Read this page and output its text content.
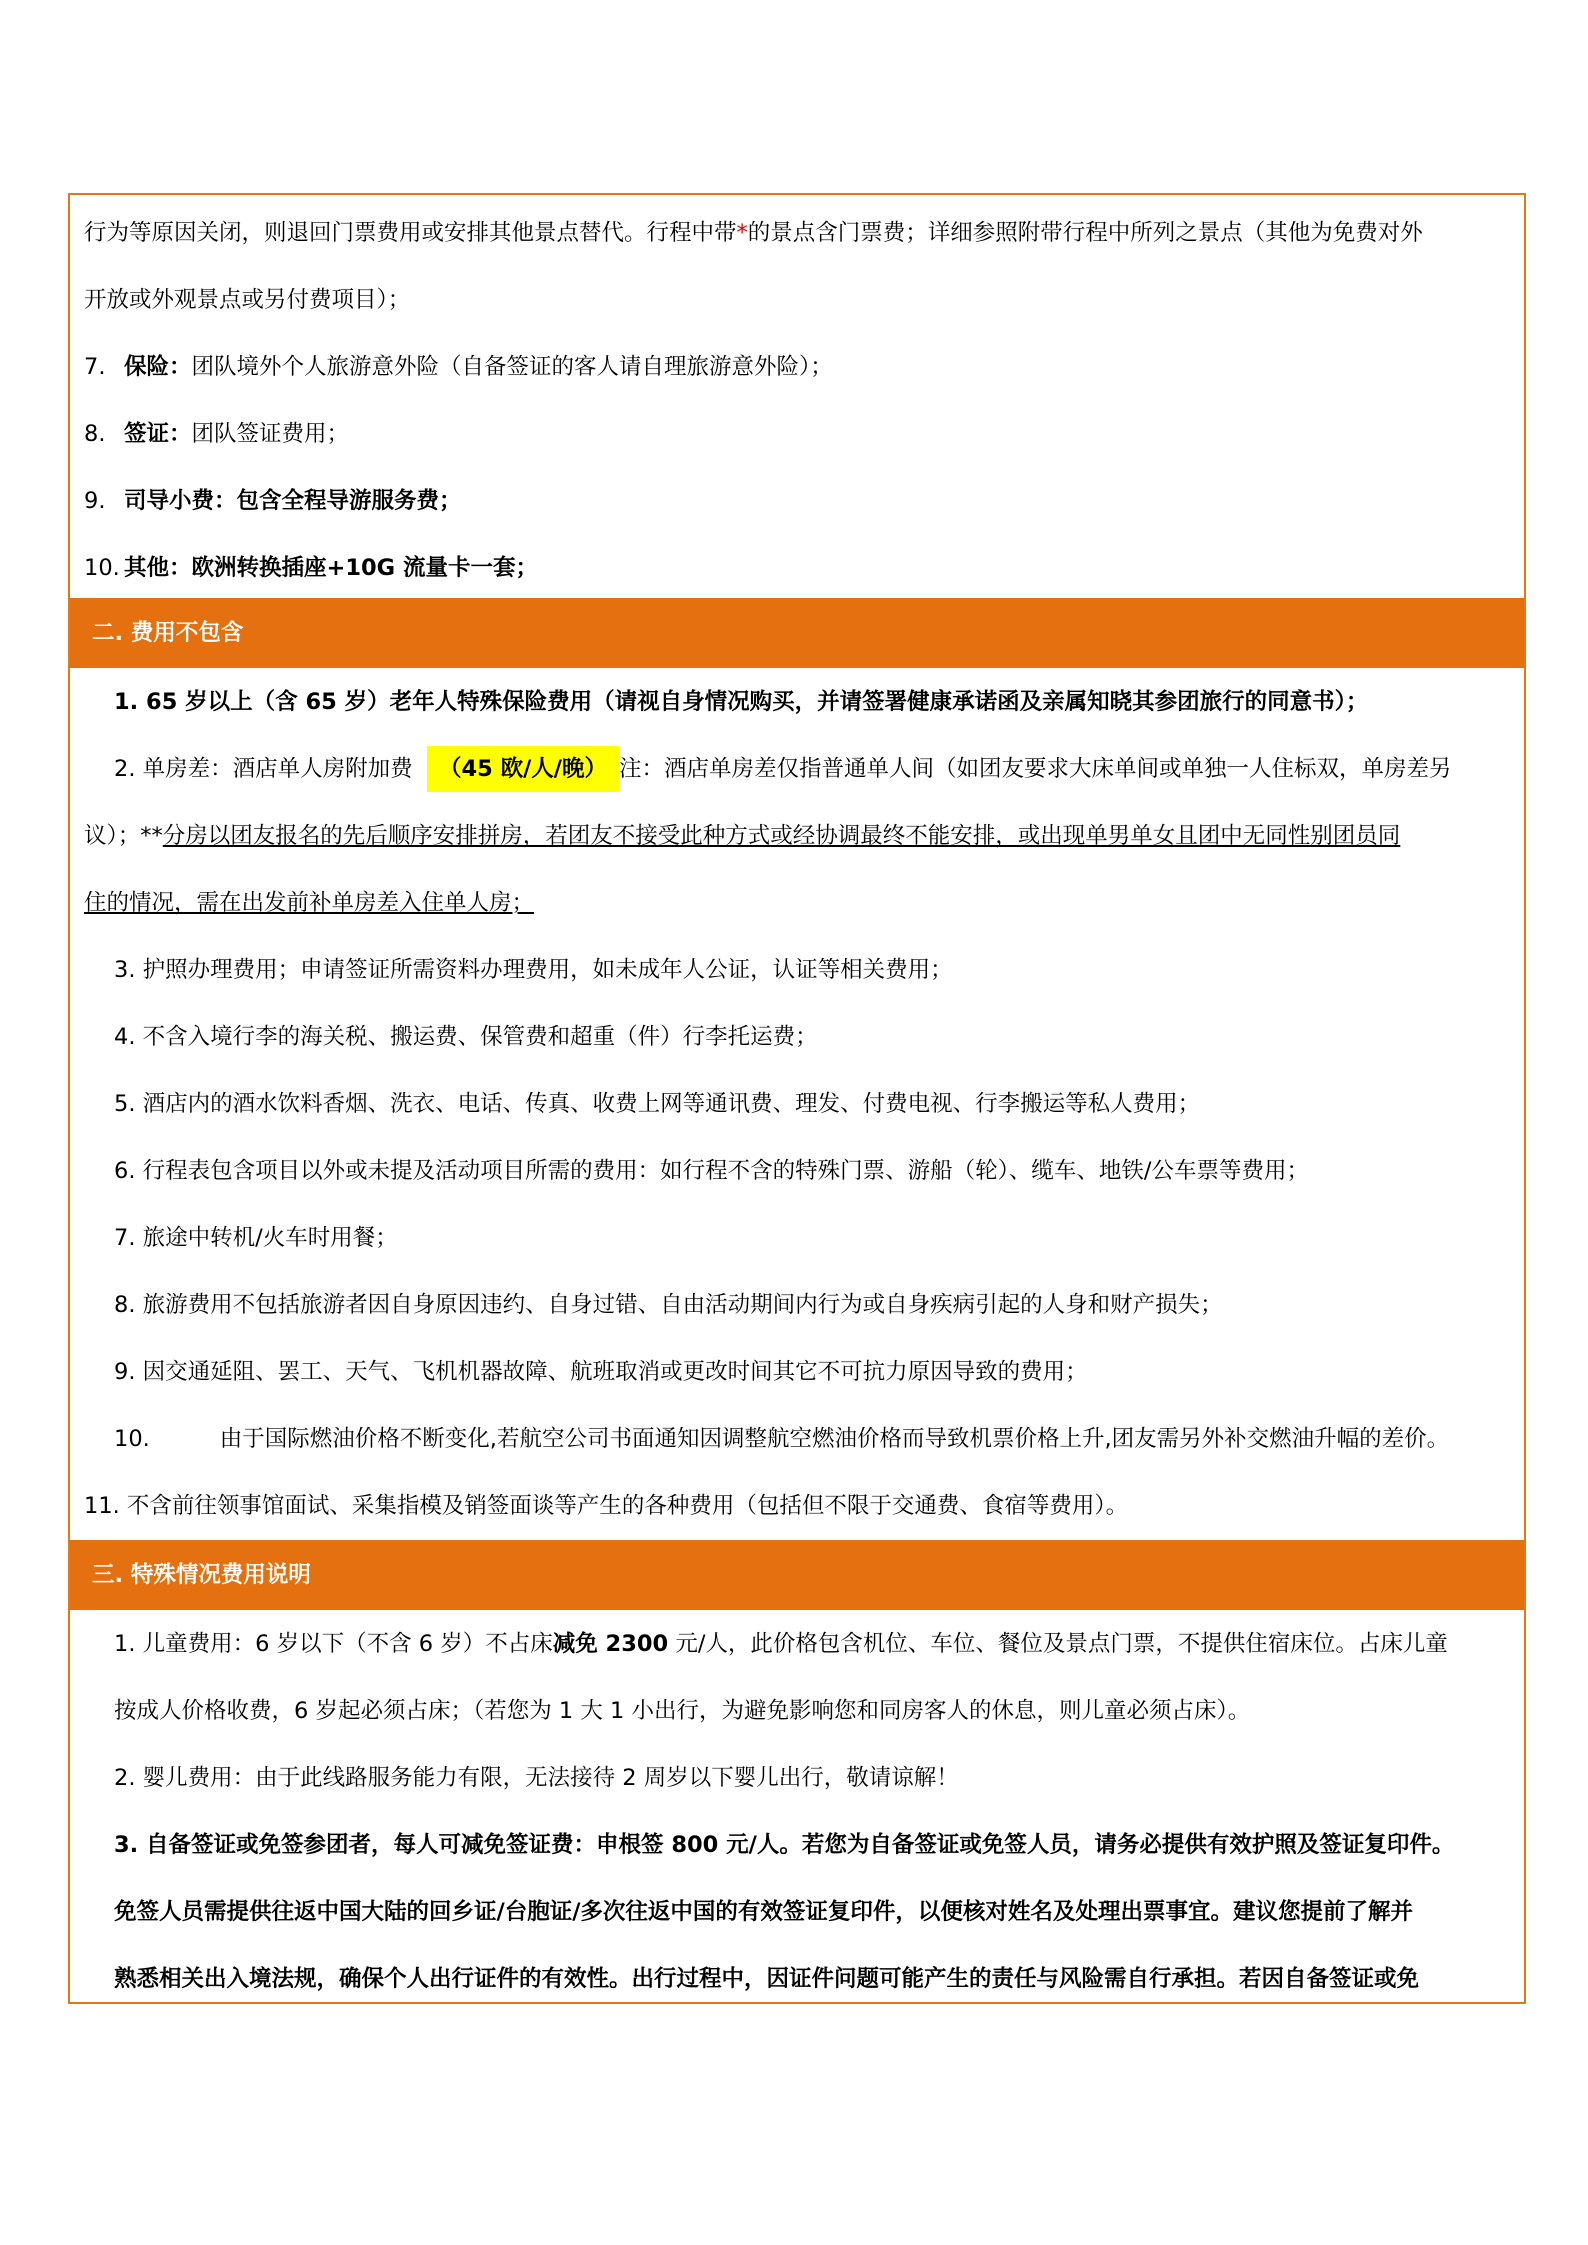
行为等原因关闭，则退回门票费用或安排其他景点替代。行程中带*的景点含门票费；详细参照附带行程中所列之景点（其他为免费对外
开放或外观景点或另付费项目）；
7. 保险：团队境外个人旅游意外险（自备签证的客人请自理旅游意外险）；
8. 签证：团队签证费用；
9. 司导小费：包含全程导游服务费；
10. 其他：欧洲转换插座+10G 流量卡一套；
二. 费用不包含
1. 65 岁以上（含 65 岁）老年人特殊保险费用（请视自身情况购买，并请签署健康承诺函及亲属知晓其参团旅行的同意书）；
2. 单房差：酒店单人房附加费 （45 欧/人/晚） 注：酒店单房差仅指普通单人间（如团友要求大床单间或单独一人住标双，单房差另
议）；**分房以团友报名的先后顺序安排拼房，若团友不接受此种方式或经协调最终不能安排，或出现单男单女且团中无同性别团员同
住的情况，需在出发前补单房差入住单人房；
3. 护照办理费用；申请签证所需资料办理费用，如未成年人公证，认证等相关费用；
4. 不含入境行李的海关税、搬运费、保管费和超重（件）行李托运费；
5. 酒店内的酒水饮料香烟、洗衣、电话、传真、收费上网等通讯费、理发、付费电视、行李搬运等私人费用；
6. 行程表包含项目以外或未提及活动项目所需的费用：如行程不含的特殊门票、游船（轮）、缆车、地铁/公车票等费用；
7. 旅途中转机/火车时用餐；
8. 旅游费用不包括旅游者因自身原因违约、自身过错、自由活动期间内行为或自身疾病引起的人身和财产损失；
9. 因交通延阻、罢工、天气、飞机机器故障、航班取消或更改时间其它不可抗力原因导致的费用；
10.	由于国际燃油价格不断变化,若航空公司书面通知因调整航空燃油价格而导致机票价格上升,团友需另外补交燃油升幅的差价。
11. 不含前往领事馆面试、采集指模及销签面谈等产生的各种费用（包括但不限于交通费、食宿等费用）。
三. 特殊情况费用说明
1. 儿童费用：6 岁以下（不含 6 岁）不占床减免 2300 元/人，此价格包含机位、车位、餐位及景点门票，不提供住宿床位。占床儿童
按成人价格收费，6 岁起必须占床；（若您为 1 大 1 小出行，为避免影响您和同房客人的休息，则儿童必须占床）。
2. 婴儿费用：由于此线路服务能力有限，无法接待 2 周岁以下婴儿出行，敬请谅解！
3. 自备签证或免签参团者，每人可减免签证费：申根签 800 元/人。若您为自备签证或免签人员，请务必提供有效护照及签证复印件。
免签人员需提供往返中国大陆的回乡证/台胞证/多次往返中国的有效签证复印件，以便核对姓名及处理出票事宜。建议您提前了解并
熟悉相关出入境法规，确保个人出行证件的有效性。出行过程中，因证件问题可能产生的责任与风险需自行承担。若因自备签证或免
